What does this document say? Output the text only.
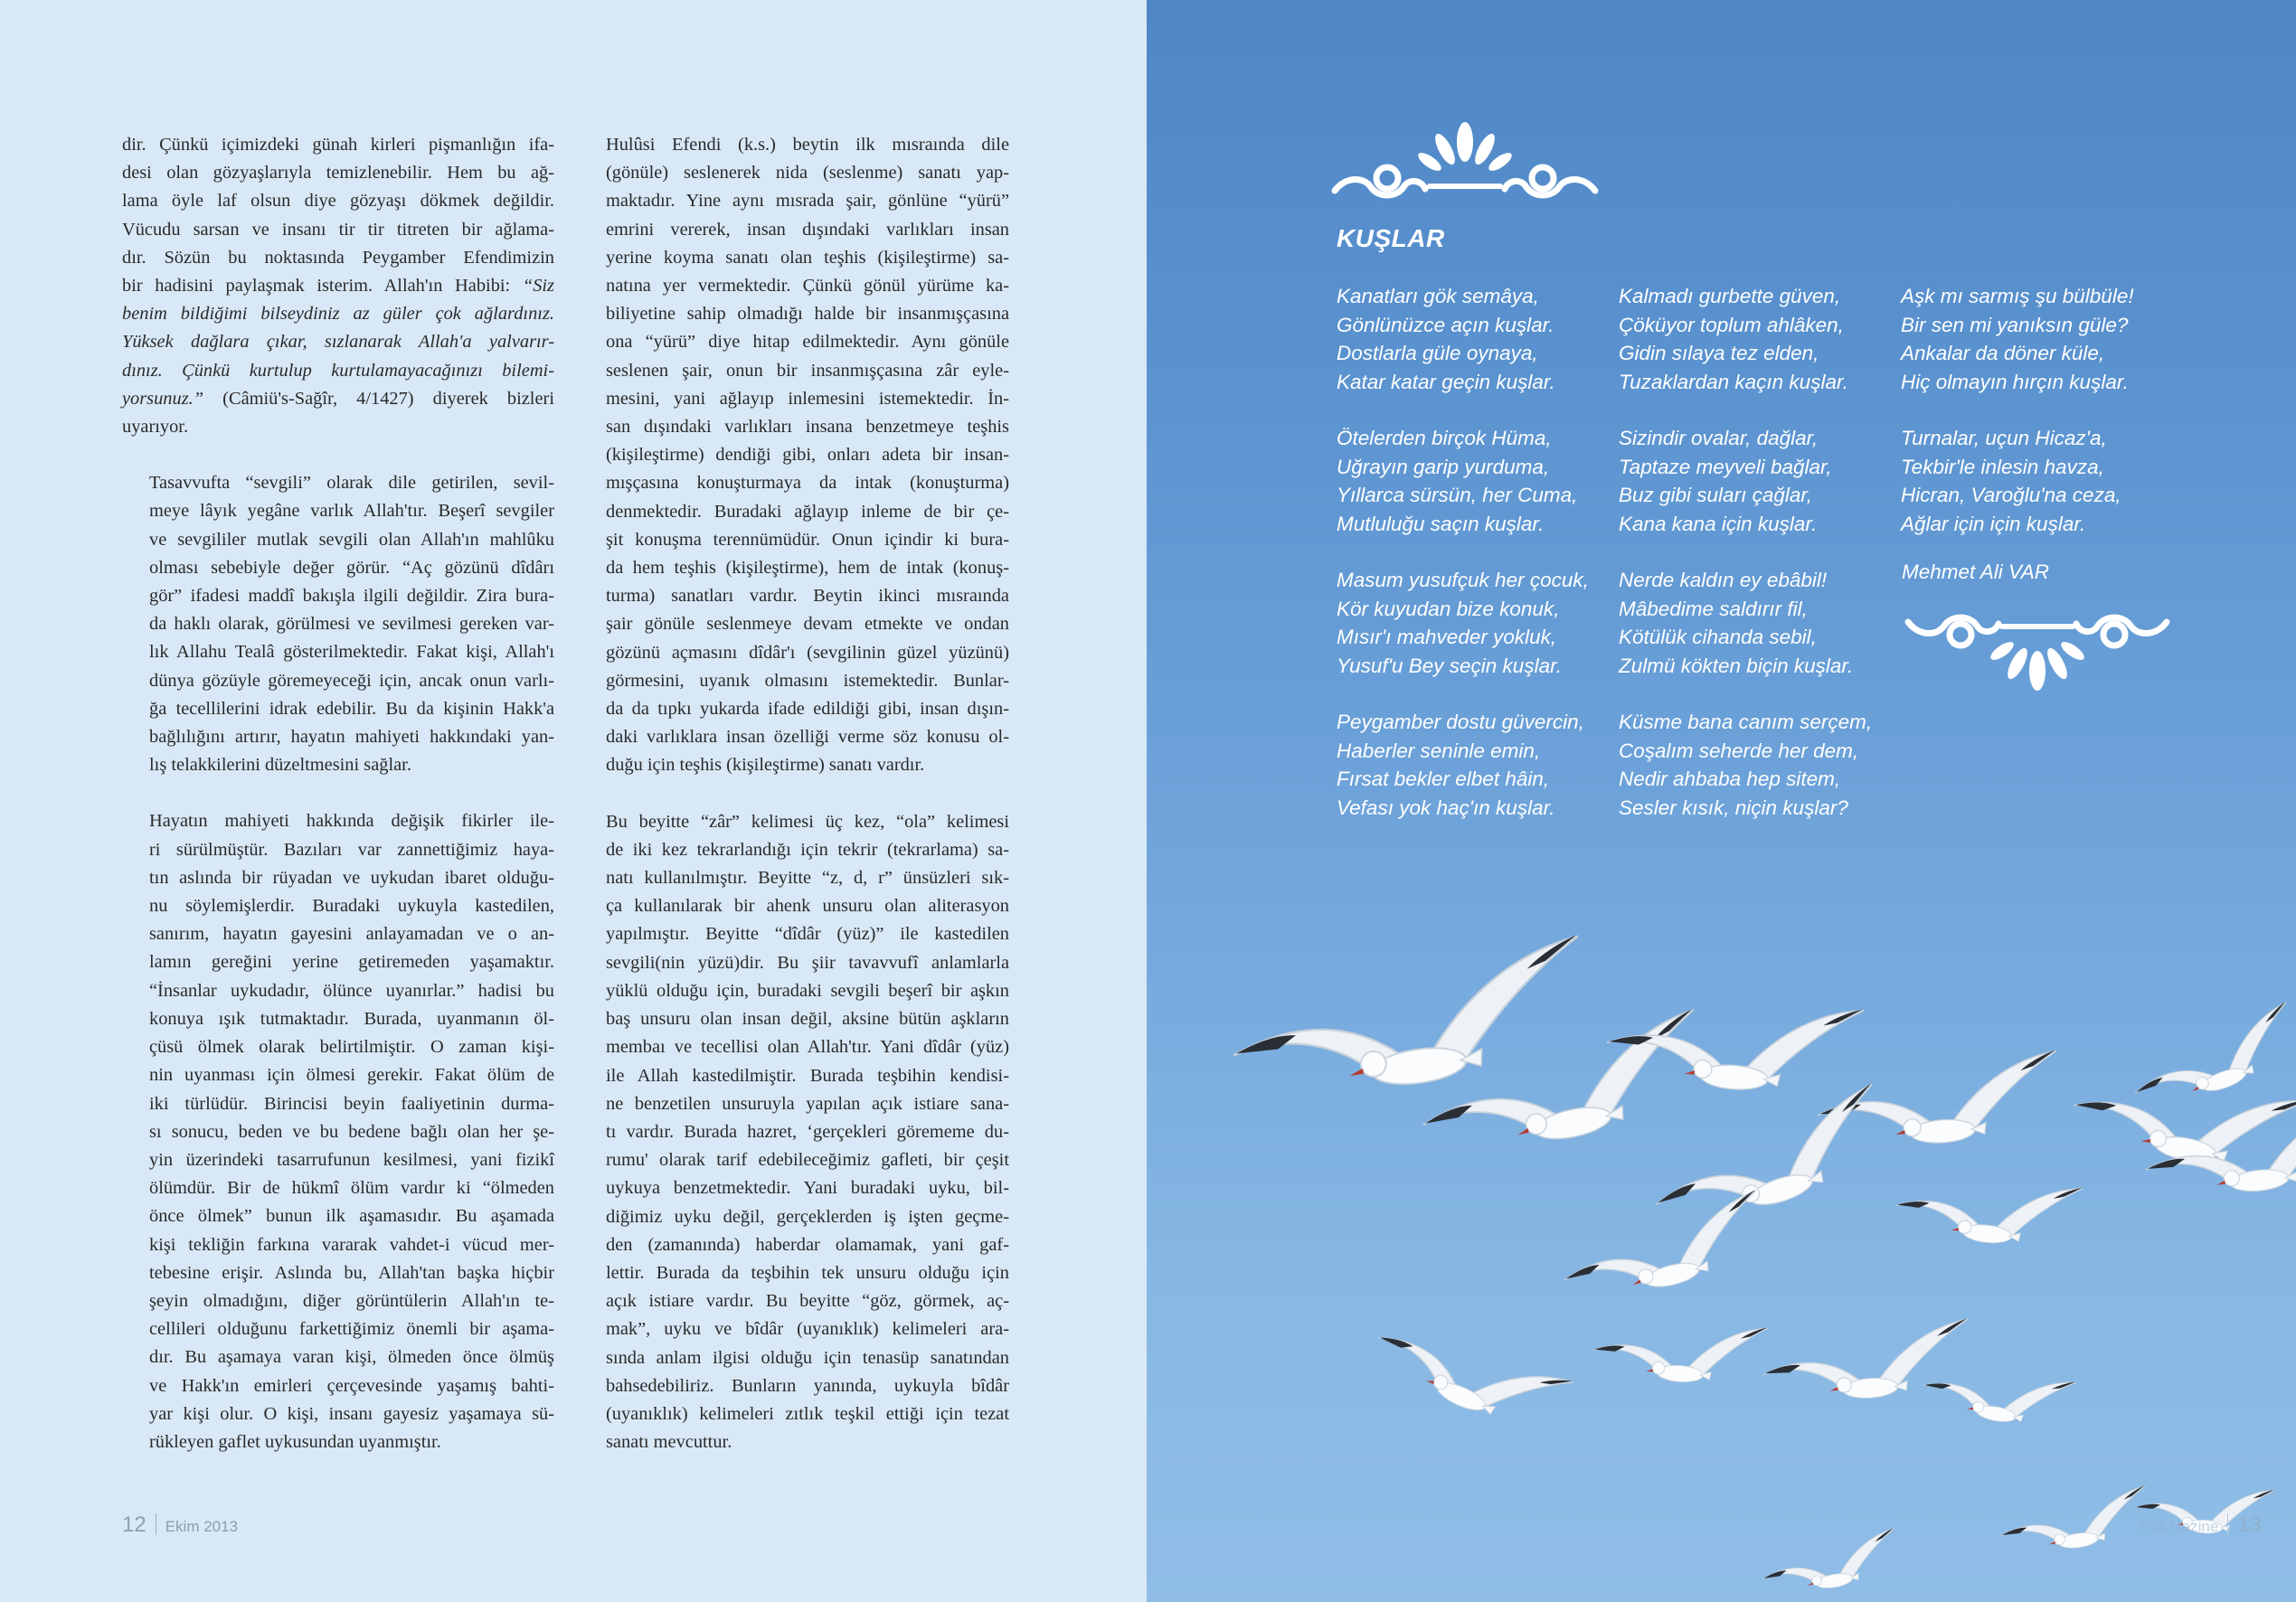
dir. Çünkü içimizdeki günah kirleri pişmanlığın ifa-
desi olan gözyaşlarıyla temizlenebilir. Hem bu ağ-
lama öyle laf olsun diye gözyaşı dökmek değildir.
Vücudu sarsan ve insanı tir tir titreten bir ağlama-
dır. Sözün bu noktasında Peygamber Efendimizin
bir hadisini paylaşmak isterim. Allah'ın Habibi: “Siz
benim bildiğimi bilseydiniz az güler çok ağlardınız.
Yüksek dağlara çıkar, sızlanarak Allah'a yalvarır-
dınız. Çünkü kurtulup kurtulamayacağınızı bilemi-
yorsunuz.” (Câmiü's-Sağîr, 4/1427) diyerek bizleri
uyarıyor.

Tasavvufta “sevgili” olarak dile getirilen, sevil-
meye lâyık yegâne varlık Allah'tır. Beşerî sevgiler
ve sevgililer mutlak sevgili olan Allah'ın mahlûku
olması sebebiyle değer görür. “Aç gözünü dîdârı
gör” ifadesi maddî bakışla ilgili değildir. Zira bura-
da haklı olarak, görülmesi ve sevilmesi gereken var-
lık Allahu Tealâ gösterilmektedir. Fakat kişi, Allah'ı
dünya gözüyle göremeyeceği için, ancak onun varlı-
ğa tecellilerini idrak edebilir. Bu da kişinin Hakk'a
bağlılığını artırır, hayatın mahiyeti hakkındaki yan-
lış telakkilerini düzeltmesini sağlar.

Hayatın mahiyeti hakkında değişik fikirler ile-
ri sürülmüştür. Bazıları var zannettiğimiz haya-
tın aslında bir rüyadan ve uykudan ibaret olduğu-
nu söylemişlerdir. Buradaki uykuyla kastedilen,
sanırım, hayatın gayesini anlayamadan ve o an-
lamın gereğini yerine getiremeden yaşamaktır.
“İnsanlar uykudadır, ölünce uyanırlar.” hadisi bu
konuya ışık tutmaktadır. Burada, uyanmanın öl-
çüsü ölmek olarak belirtilmiştir. O zaman kişi-
nin uyanması için ölmesi gerekir. Fakat ölüm de
iki türlüdür. Birincisi beyin faaliyetinin durma-
sı sonucu, beden ve bu bedene bağlı olan her şe-
yin üzerindeki tasarrufunun kesilmesi, yani fizikî
ölümdür. Bir de hükmî ölüm vardır ki “ölmeden
önce ölmek” bunun ilk aşamasıdır. Bu aşamada
kişi tekliğin farkına vararak vahdet-i vücud mer-
tebesine erişir. Aslında bu, Allah'tan başka hiçbir
şeyin olmadığını, diğer görüntülerin Allah'ın te-
cellileri olduğunu farkettiğimiz önemli bir aşama-
dır. Bu aşamaya varan kişi, ölmeden önce ölmüş
ve Hakk'ın emirleri çerçevesinde yaşamış bahti-
yar kişi olur. O kişi, insanı gayesiz yaşamaya sü-
rükleyen gaflet uykusundan uyanmıştır.

Hulûsi Efendi (k.s.) beytin ilk mısraında dile
(gönüle) seslenerek nida (seslenme) sanatı yap-
maktadır. Yine aynı mısrada şair, gönlüne “yürü”
emrini vererek, insan dışındaki varlıkları insan
yerine koyma sanatı olan teşhis (kişileştirme) sa-
natına yer vermektedir. Çünkü gönül yürüme ka-
biliyetine sahip olmadığı halde bir insanmışçasına
ona “yürü” diye hitap edilmektedir. Aynı gönüle
seslenen şair, onun bir insanmışçasına zâr eyle-
mesini, yani ağlayıp inlemesini istemektedir. İn-
san dışındaki varlıkları insana benzetmeye teşhis
(kişileştirme) dendiği gibi, onları adeta bir insan-
mışçasına konuşturmaya da intak (konuşturma)
denmektedir. Buradaki ağlayıp inleme de bir çe-
şit konuşma terennümüdür. Onun içindir ki bura-
da hem teşhis (kişileştirme), hem de intak (konuş-
turma) sanatları vardır. Beytin ikinci mısraında
şair gönüle seslenmeye devam etmekte ve ondan
gözünü açmasını dîdâr'ı (sevgilinin güzel yüzünü)
görmesini, uyanık olmasını istemektedir. Bunlar-
da da tıpkı yukarda ifade edildiği gibi, insan dışın-
daki varlıklara insan özelliği verme söz konusu ol-
duğu için teşhis (kişileştirme) sanatı vardır.

Bu beyitte “zâr” kelimesi üç kez, “ola” kelimesi
de iki kez tekrarlandığı için tekrir (tekrarlama) sa-
natı kullanılmıştır. Beyitte “z, d, r” ünsüzleri sık-
ça kullanılarak bir ahenk unsuru olan aliterasyon
yapılmıştır. Beyitte “dîdâr (yüz)” ile kastedilen
sevgili(nin yüzü)dir. Bu şiir tavavvufî anlamlarla
yüklü olduğu için, buradaki sevgili beşerî bir aşkın
baş unsuru olan insan değil, aksine bütün aşkların
membaı ve tecellisi olan Allah'tır. Yani dîdâr (yüz)
ile Allah kastedilmiştir. Burada teşbihin kendisi-
ne benzetilen unsuruyla yapılan açık istiare sana-
tı vardır. Burada hazret, ‘gerçekleri görememe du-
rumu' olarak tarif edebileceğimiz gafleti, bir çeşit
uykuya benzetmektedir. Yani buradaki uyku, bil-
diğimiz uyku değil, gerçeklerden iş işten geçme-
den (zamanında) haberdar olamamak, yani gaf-
lettir. Burada da teşbihin tek unsuru olduğu için
açık istiare vardır. Bu beyitte “göz, görmek, aç-
mak”, uyku ve bîdâr (uyanıklık) kelimeleri ara-
sında anlam ilgisi olduğu için tenasüp sanatından
bahsedebiliriz. Bunların yanında, uykuyla bîdâr
(uyanıklık) kelimeleri zıtlık teşkil ettiği için tezat
sanatı mevcuttur.

12 Ekim 2013
KUŞLAR
Kanatları gök semâya,
Gönlünüzce açın kuşlar.
Dostlarla güle oynaya,
Katar katar geçin kuşlar.
Ötelerden birçok Hüma,
Uğrayın garip yurduma,
Yıllarca sürsün, her Cuma,
Mutluluğu saçın kuşlar.
Masum yusufçuk her çocuk,
Kör kuyudan bize konuk,
Mısır'ı mahveder yokluk,
Yusuf'u Bey seçin kuşlar.
Peygamber dostu güvercin,
Haberler seninle emin,
Fırsat bekler elbet hâin,
Vefası yok haç'ın kuşlar.
Kalmadı gurbette güven,
Çöküyor toplum ahlâken,
Gidin sılaya tez elden,
Tuzaklardan kaçın kuşlar.
Sizindir ovalar, dağlar,
Taptaze meyveli bağlar,
Buz gibi suları çağlar,
Kana kana için kuşlar.
Nerde kaldın ey ebâbil!
Mâbedime saldırır fil,
Kötülük cihanda sebil,
Zulmü kökten biçin kuşlar.
Küsme bana canım serçem,
Coşalım seherde her dem,
Nedir ahbaba hep sitem,
Sesler kısık, niçin kuşlar?
Aşk mı sarmış şu bülbüle!
Bir sen mi yanıksın güle?
Ankalar da döner küle,
Hiç olmayın hırçın kuşlar.
Turnalar, uçun Hicaz'a,
Tekbir'le inlesin havza,
Hicran, Varoğlu'na ceza,
Ağlar için için kuşlar.
Mehmet Ali VAR
Yitik Hazine 13
